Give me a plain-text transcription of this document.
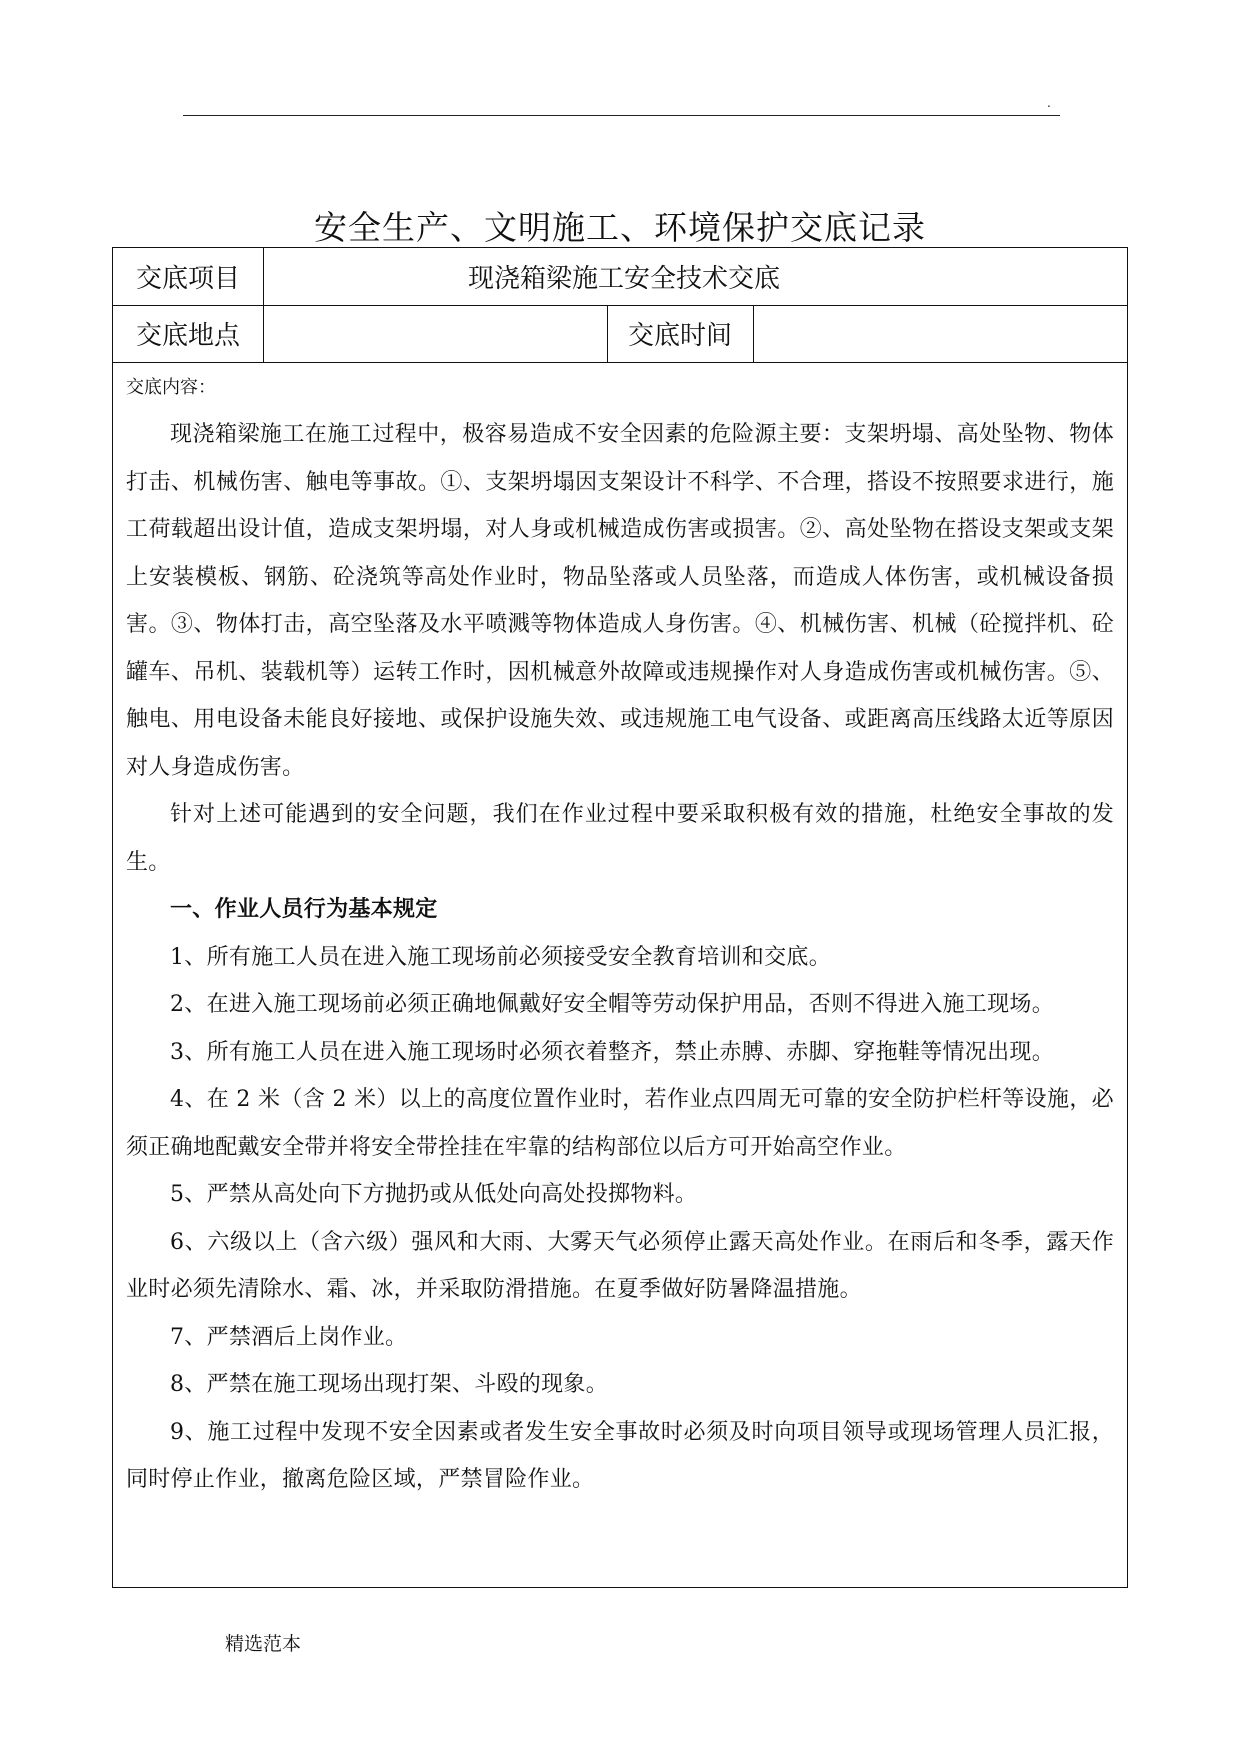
.
安全生产、文明施工、环境保护交底记录
交底项目	现浇箱梁施工安全技术交底
交底地点	交底时间
交底内容：

现浇箱梁施工在施工过程中，极容易造成不安全因素的危险源主要：支架坍塌、高处坠物、物体打击、机械伤害、触电等事故。①、支架坍塌因支架设计不科学、不合理，搭设不按照要求进行，施工荷载超出设计值，造成支架坍塌，对人身或机械造成伤害或损害。②、高处坠物在搭设支架或支架上安装模板、钢筋、砼浇筑等高处作业时，物品坠落或人员坠落，而造成人体伤害，或机械设备损害。③、物体打击，高空坠落及水平喷溅等物体造成人身伤害。④、机械伤害、机械（砼搅拌机、砼罐车、吊机、装载机等）运转工作时，因机械意外故障或违规操作对人身造成伤害或机械伤害。⑤、触电、用电设备未能良好接地、或保护设施失效、或违规施工电气设备、或距离高压线路太近等原因对人身造成伤害。

针对上述可能遇到的安全问题，我们在作业过程中要采取积极有效的措施，杜绝安全事故的发生。

一、作业人员行为基本规定

1、所有施工人员在进入施工现场前必须接受安全教育培训和交底。

2、在进入施工现场前必须正确地佩戴好安全帽等劳动保护用品，否则不得进入施工现场。

3、所有施工人员在进入施工现场时必须衣着整齐，禁止赤膊、赤脚、穿拖鞋等情况出现。

4、在 2 米（含 2 米）以上的高度位置作业时，若作业点四周无可靠的安全防护栏杆等设施，必须正确地配戴安全带并将安全带拴挂在牢靠的结构部位以后方可开始高空作业。

5、严禁从高处向下方抛扔或从低处向高处投掷物料。

6、六级以上（含六级）强风和大雨、大雾天气必须停止露天高处作业。在雨后和冬季，露天作业时必须先清除水、霜、冰，并采取防滑措施。在夏季做好防暑降温措施。

7、严禁酒后上岗作业。

8、严禁在施工现场出现打架、斗殴的现象。

9、施工过程中发现不安全因素或者发生安全事故时必须及时向项目领导或现场管理人员汇报，同时停止作业，撤离危险区域，严禁冒险作业。

精选范本
